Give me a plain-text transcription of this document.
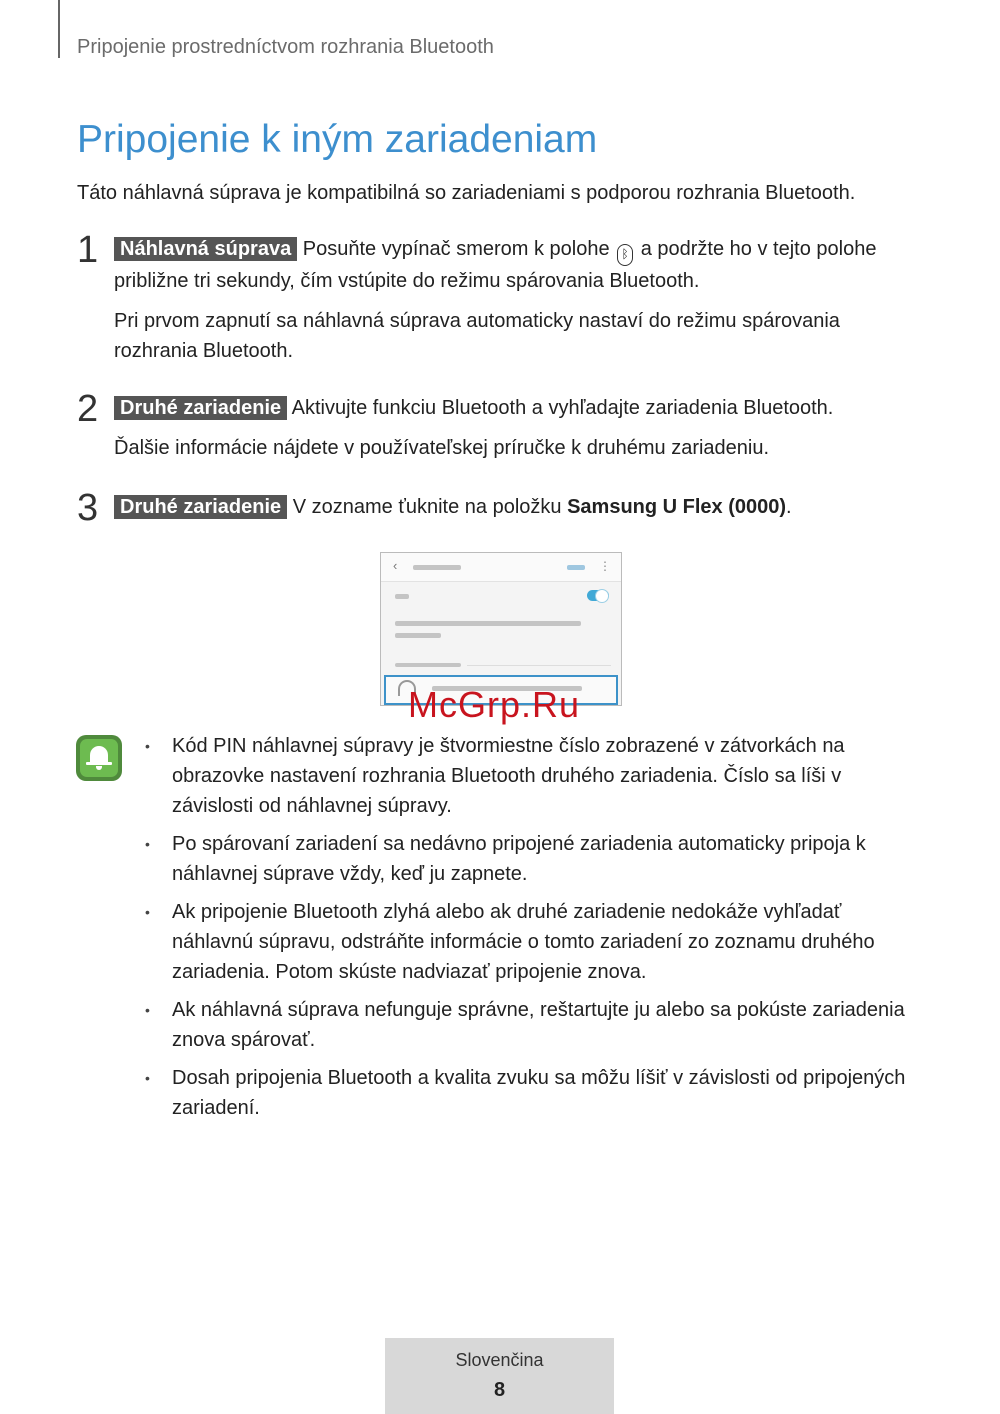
Pripojenie prostredníctvom rozhrania Bluetooth
Pripojenie k iným zariadeniam
Táto náhlavná súprava je kompatibilná so zariadeniami s podporou rozhrania Bluetooth.
1	Náhlavná súprava Posuňte vypínač smerom k polohe ᛒ a podržte ho v tejto polohe približne tri sekundy, čím vstúpite do režimu spárovania Bluetooth.

Pri prvom zapnutí sa náhlavná súprava automaticky nastaví do režimu spárovania rozhrania Bluetooth.

2	Druhé zariadenie Aktivujte funkciu Bluetooth a vyhľadajte zariadenia Bluetooth.

Ďalšie informácie nájdete v používateľskej príručke k druhému zariadeniu.

3	Druhé zariadenie V zozname ťuknite na položku Samsung U Flex (0000).

‹	⋮
McGrp.Ru
• Kód PIN náhlavnej súpravy je štvormiestne číslo zobrazené v zátvorkách na obrazovke nastavení rozhrania Bluetooth druhého zariadenia. Číslo sa líši v závislosti od náhlavnej súpravy.
• Po spárovaní zariadení sa nedávno pripojené zariadenia automaticky pripoja k náhlavnej súprave vždy, keď ju zapnete.
• Ak pripojenie Bluetooth zlyhá alebo ak druhé zariadenie nedokáže vyhľadať náhlavnú súpravu, odstráňte informácie o tomto zariadení zo zoznamu druhého zariadenia. Potom skúste nadviazať pripojenie znova.
• Ak náhlavná súprava nefunguje správne, reštartujte ju alebo sa pokúste zariadenia znova spárovať.
• Dosah pripojenia Bluetooth a kvalita zvuku sa môžu líšiť v závislosti od pripojených zariadení.
Slovenčina
8
